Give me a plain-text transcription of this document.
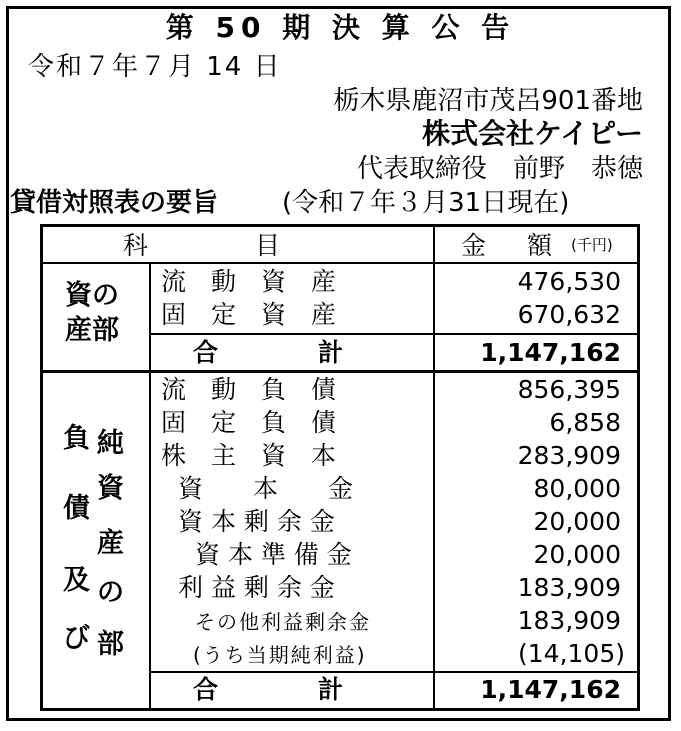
第 50 期 決 算 公 告
令和７年７月 14 日
栃木県鹿沼市茂呂901番地
株式会社ケイピー
代表取締役　前野　恭徳
貸借対照表の要旨 (令和７年３月31日現在)
科　　　目	金　額 (千円)
資の
産部
流　動　資　産	476,530
固　定　資　産	670,632
合　　　　計	1,147,162
負
債
及
び
純
資
産
の
部
流　動　負　債	856,395
固　定　負　債	6,858
株　主　資　本	283,909
資　　本　　金	80,000
資 本 剰 余 金	20,000
資 本 準 備 金	20,000
利 益 剰 余 金	183,909
その他利益剰余金	183,909
(うち当期純利益)	(14,105)
合　　　　計	1,147,162
